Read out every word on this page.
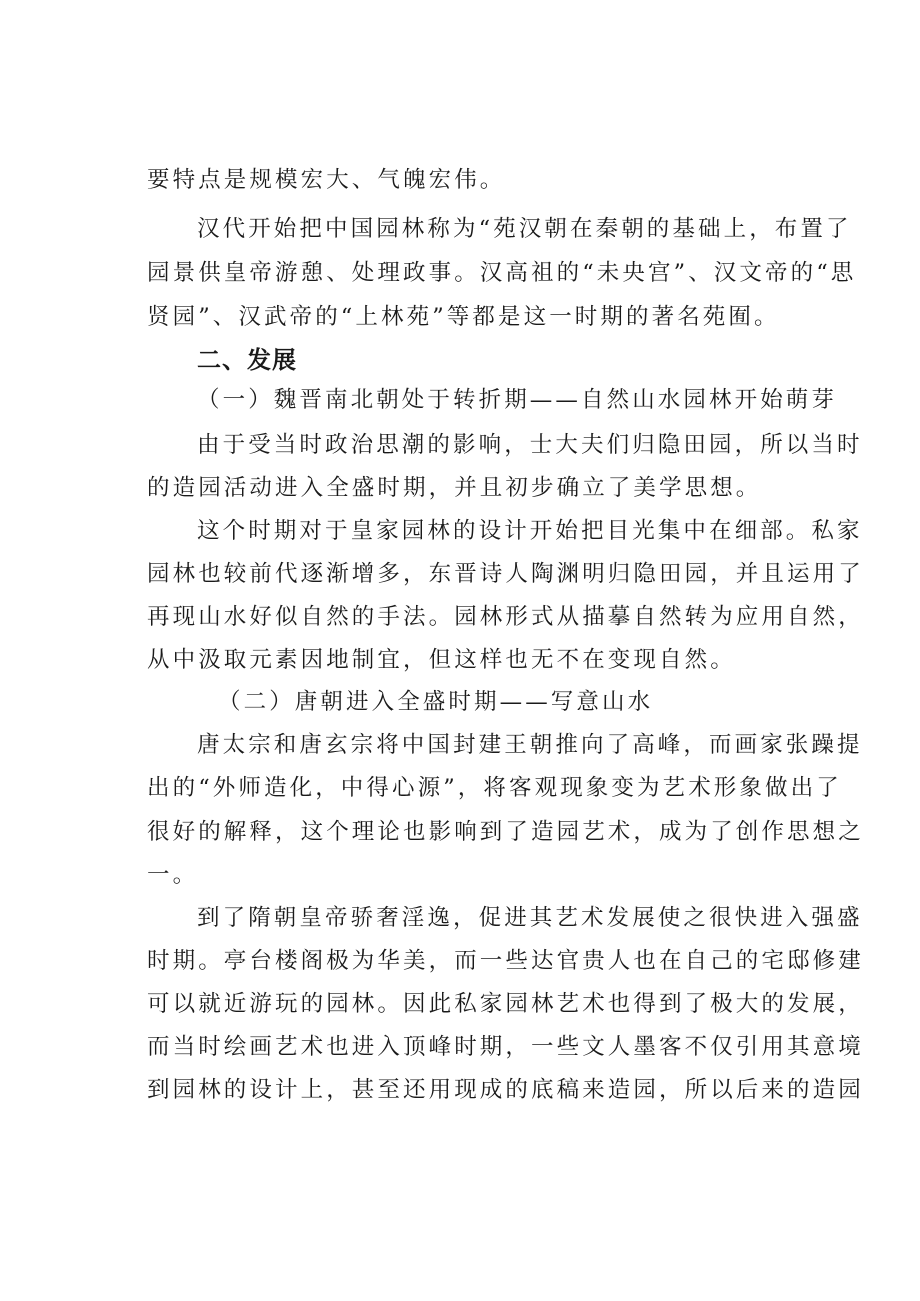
要特点是规模宏大、气魄宏伟。
汉代开始把中国园林称为“苑汉朝在秦朝的基础上，布置了
园景供皇帝游憩、处理政事。汉高祖的“未央宫”、汉文帝的“思
贤园”、汉武帝的“上林苑”等都是这一时期的著名苑囿。
二、发展
（一）魏晋南北朝处于转折期——自然山水园林开始萌芽
由于受当时政治思潮的影响，士大夫们归隐田园，所以当时
的造园活动进入全盛时期，并且初步确立了美学思想。
这个时期对于皇家园林的设计开始把目光集中在细部。私家
园林也较前代逐渐增多，东晋诗人陶渊明归隐田园，并且运用了
再现山水好似自然的手法。园林形式从描摹自然转为应用自然，
从中汲取元素因地制宜，但这样也无不在变现自然。
（二）唐朝进入全盛时期——写意山水
唐太宗和唐玄宗将中国封建王朝推向了高峰，而画家张躁提
出的“外师造化，中得心源”，将客观现象变为艺术形象做出了
很好的解释，这个理论也影响到了造园艺术，成为了创作思想之
一。
到了隋朝皇帝骄奢淫逸，促进其艺术发展使之很快进入强盛
时期。亭台楼阁极为华美，而一些达官贵人也在自己的宅邸修建
可以就近游玩的园林。因此私家园林艺术也得到了极大的发展，
而当时绘画艺术也进入顶峰时期，一些文人墨客不仅引用其意境
到园林的设计上，甚至还用现成的底稿来造园，所以后来的造园
